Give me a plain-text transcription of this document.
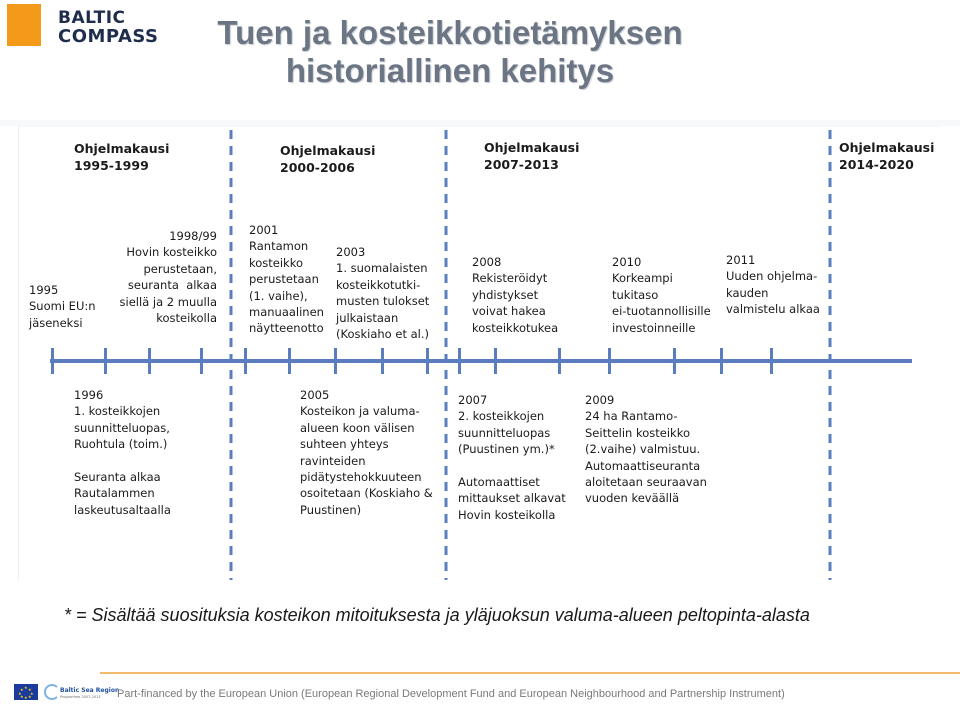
BALTIC
COMPASS	Tuen ja kosteikkotietämyksen
historiallinen kehitys
Ohjelmakausi
1995-1999
Ohjelmakausi
2000-2006
Ohjelmakausi
2007-2013
Ohjelmakausi
2014-2020
1995
Suomi EU:n
jäseneksi
1998/99
Hovin kosteikko
perustetaan,
seuranta  alkaa
siellä ja 2 muulla
kosteikolla
2001
Rantamon
kosteikko
perustetaan
(1. vaihe),
manuaalinen
näytteenotto
2003
1. suomalaisten
kosteikkotutki-
musten tulokset
julkaistaan
(Koskiaho et al.)
2008
Rekisteröidyt
yhdistykset
voivat hakea
kosteikkotukea
2010
Korkeampi
tukitaso
ei-tuotannollisille
investoinneille
2011
Uuden ohjelma-
kauden
valmistelu alkaa
1996
1. kosteikkojen
suunnitteluopas,
Ruohtula (toim.)

Seuranta alkaa
Rautalammen
laskeutusaltaalla
2005
Kosteikon ja valuma-
alueen koon välisen
suhteen yhteys
ravinteiden
pidätystehokkuuteen
osoitetaan (Koskiaho &
Puustinen)
2007
2. kosteikkojen
suunnitteluopas
(Puustinen ym.)*

Automaattiset
mittaukset alkavat
Hovin kosteikolla
2009
24 ha Rantamo-
Seittelin kosteikko
(2.vaihe) valmistuu.
Automaattiseuranta
aloitetaan seuraavan
vuoden keväällä
* = Sisältää suosituksia kosteikon mitoituksesta ja yläjuoksun valuma-alueen peltopinta-alasta
★ ★
★
★
★
★
★
★	Baltic Sea Region
Programme 2007-2013 Part-financed by the European Union (European Regional Development Fund and European Neighbourhood and Partnership Instrument)
